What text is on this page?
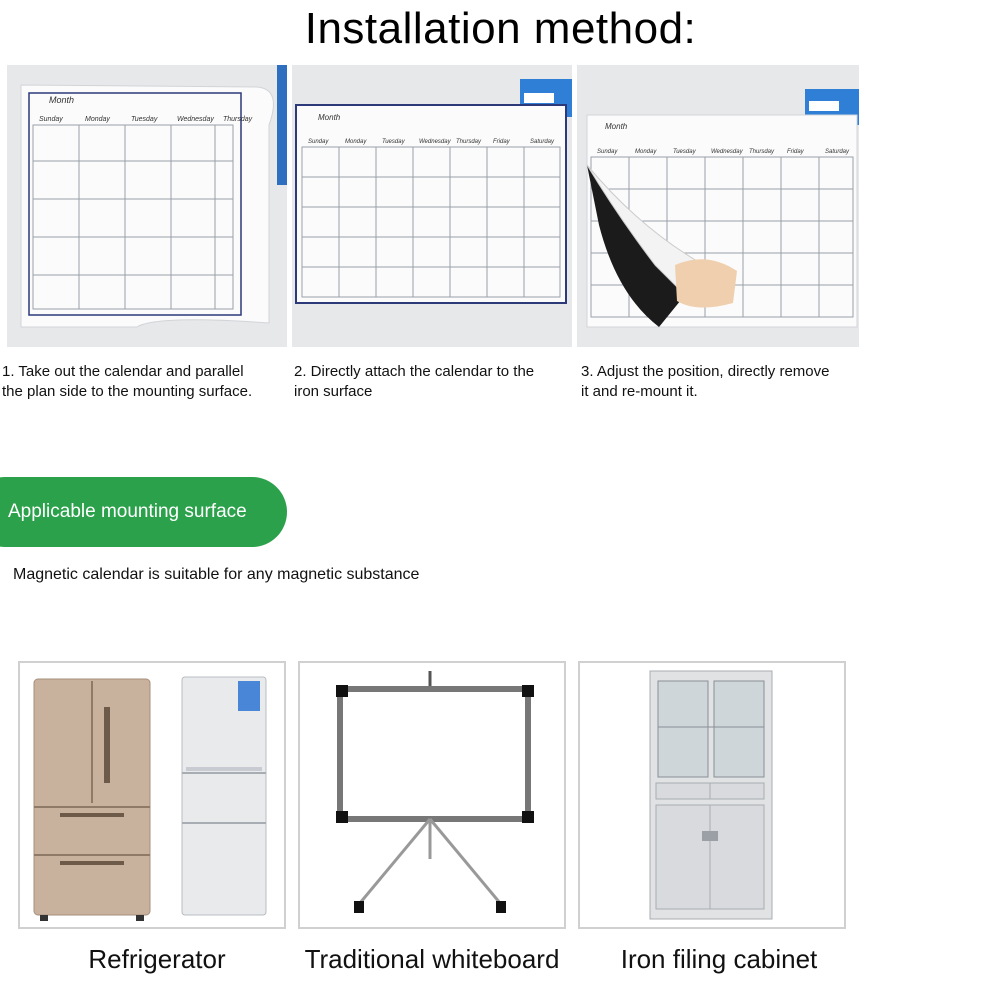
Installation method:
Month
Sunday	Monday	Tuesday	Wednesday Thursday	Month
Sunday	Monday	Tuesday Wednesday Thursday Friday	Saturday
Month
Sunday	Monday	Tuesday	Wednesday Thursday Friday	Saturday
1. Take out the calendar and parallel
the plan side to the mounting surface.
2. Directly attach the calendar to the
iron surface
3. Adjust the position, directly remove
it and re-mount it.
Applicable mounting surface
Magnetic calendar is suitable for any magnetic substance
Refrigerator	Traditional whiteboard	Iron filing cabinet
